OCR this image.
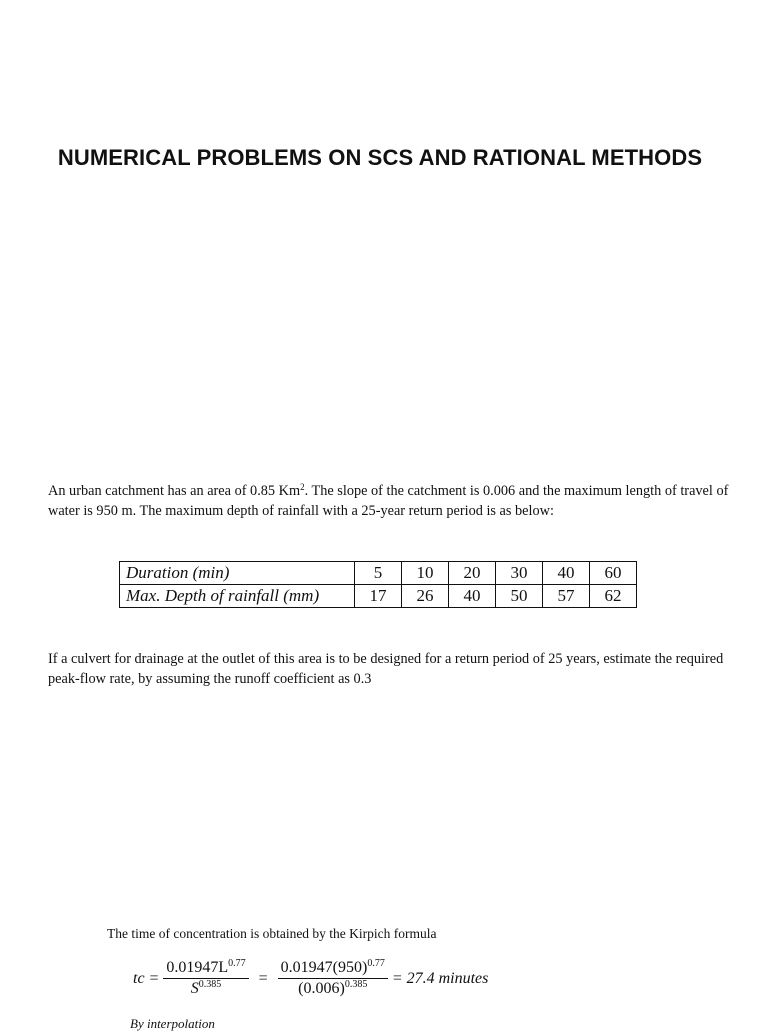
NUMERICAL PROBLEMS ON SCS AND RATIONAL METHODS
An urban catchment has an area of 0.85 Km$^2$. The slope of the catchment is 0.006 and the maximum length of travel of water is 950 m. The maximum depth of rainfall with a 25-year return period is as below:
Duration (min)	5	10	20	30	40	60
Max. Depth of rainfall (mm)	17	26	40	50	57	62
If a culvert for drainage at the outlet of this area is to be designed for a return period of 25 years, estimate the required peak-flow rate, by assuming the runoff coefficient as 0.3
The time of concentration is obtained by the Kirpich formula
tc = $\frac{0.01947L^{0.77}}{S^{0.385}} = \frac{0.01947(950)^{0.77}}{(0.006)^{0.385}} = 27.4$ minutes
By interpolation
